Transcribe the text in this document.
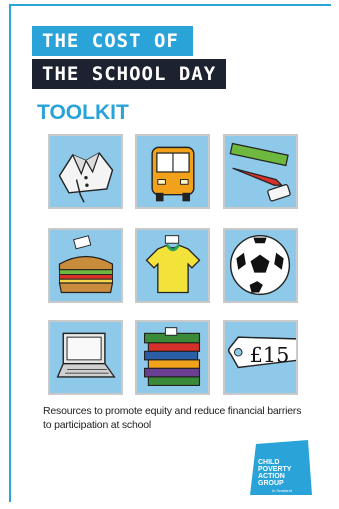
THE COST OF
THE SCHOOL DAY
TOOLKIT
£15
Resources to promote equity and reduce financial barriers to participation at school
CHILD
POVERTY
ACTION
GROUP
in Scotland
